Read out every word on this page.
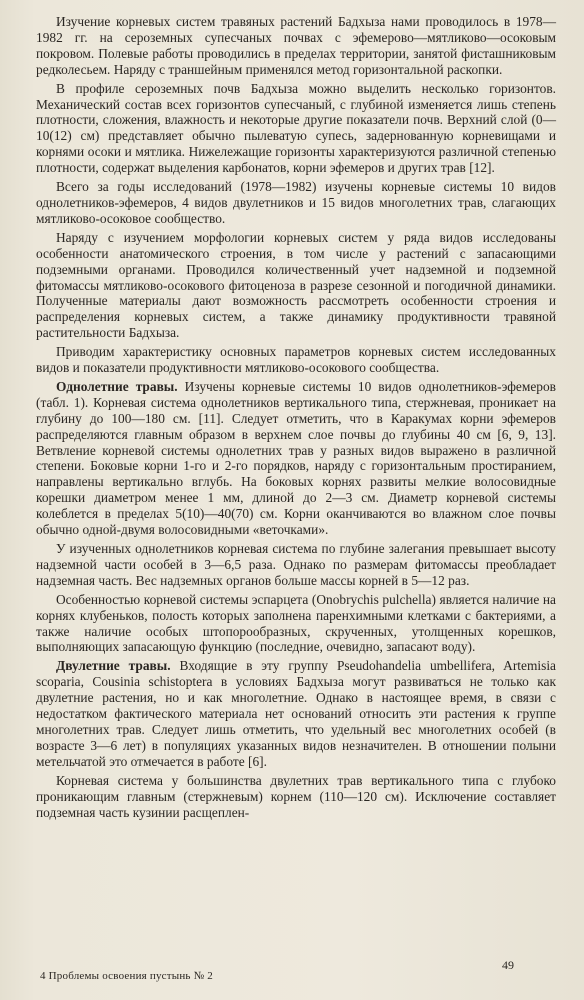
Изучение корневых систем травяных растений Бадхыза нами проводилось в 1978—1982 гг. на сероземных супесчаных почвах с эфемерово—мятликово—осоковым покровом. Полевые работы проводились в пределах территории, занятой фисташниковым редколесьем. Наряду с траншейным применялся метод горизонтальной раскопки.

В профиле сероземных почв Бадхыза можно выделить несколько горизонтов. Механический состав всех горизонтов супесчаный, с глубиной изменяется лишь степень плотности, сложения, влажность и некоторые другие показатели почв. Верхний слой (0—10(12) см) представляет обычно пылеватую супесь, задернованную корневищами и корнями осоки и мятлика. Нижележащие горизонты характеризуются различной степенью плотности, содержат выделения карбонатов, корни эфемеров и других трав [12].

Всего за годы исследований (1978—1982) изучены корневые системы 10 видов однолетников-эфемеров, 4 видов двулетников и 15 видов многолетних трав, слагающих мятликово-осоковое сообщество.

Наряду с изучением морфологии корневых систем у ряда видов исследованы особенности анатомического строения, в том числе у растений с запасающими подземными органами. Проводился количественный учет надземной и подземной фитомассы мятликово-осокового фитоценоза в разрезе сезонной и погодичной динамики. Полученные материалы дают возможность рассмотреть особенности строения и распределения корневых систем, а также динамику продуктивности травяной растительности Бадхыза.

Приводим характеристику основных параметров корневых систем исследованных видов и показатели продуктивности мятликово-осокового сообщества.

Однолетние травы. Изучены корневые системы 10 видов однолетников-эфемеров (табл. 1). Корневая система однолетников вертикального типа, стержневая, проникает на глубину до 100—180 см. [11]. Следует отметить, что в Каракумах корни эфемеров распределяются главным образом в верхнем слое почвы до глубины 40 см [6, 9, 13]. Ветвление корневой системы однолетних трав у разных видов выражено в различной степени. Боковые корни 1-го и 2-го порядков, наряду с горизонтальным простиранием, направлены вертикально вглубь. На боковых корнях развиты мелкие волосовидные корешки диаметром менее 1 мм, длиной до 2—3 см. Диаметр корневой системы колеблется в пределах 5(10)—40(70) см. Корни оканчиваются во влажном слое почвы обычно одной-двумя волосовидными «веточками».

У изученных однолетников корневая система по глубине залегания превышает высоту надземной части особей в 3—6,5 раза. Однако по размерам фитомассы преобладает надземная часть. Вес надземных органов больше массы корней в 5—12 раз.

Особенностью корневой системы эспарцета (Onobrychis pulchella) является наличие на корнях клубеньков, полость которых заполнена паренхимными клетками с бактериями, а также наличие особых штопорообразных, скрученных, утолщенных корешков, выполняющих запасающую функцию (последние, очевидно, запасают воду).

Двулетние травы. Входящие в эту группу Pseudohandelia umbellifera, Artemisia scoparia, Cousinia schistoptera в условиях Бадхыза могут развиваться не только как двулетние растения, но и как многолетние. Однако в настоящее время, в связи с недостатком фактического материала нет оснований относить эти растения к группе многолетних трав. Следует лишь отметить, что удельный вес многолетних особей (в возрасте 3—6 лет) в популяциях указанных видов незначителен. В отношении полыни метельчатой это отмечается в работе [6].

Корневая система у большинства двулетних трав вертикального типа с глубоко проникающим главным (стержневым) корнем (110—120 см). Исключение составляет подземная часть кузинии расщеплен-

4 Проблемы освоения пустынь № 2
49
